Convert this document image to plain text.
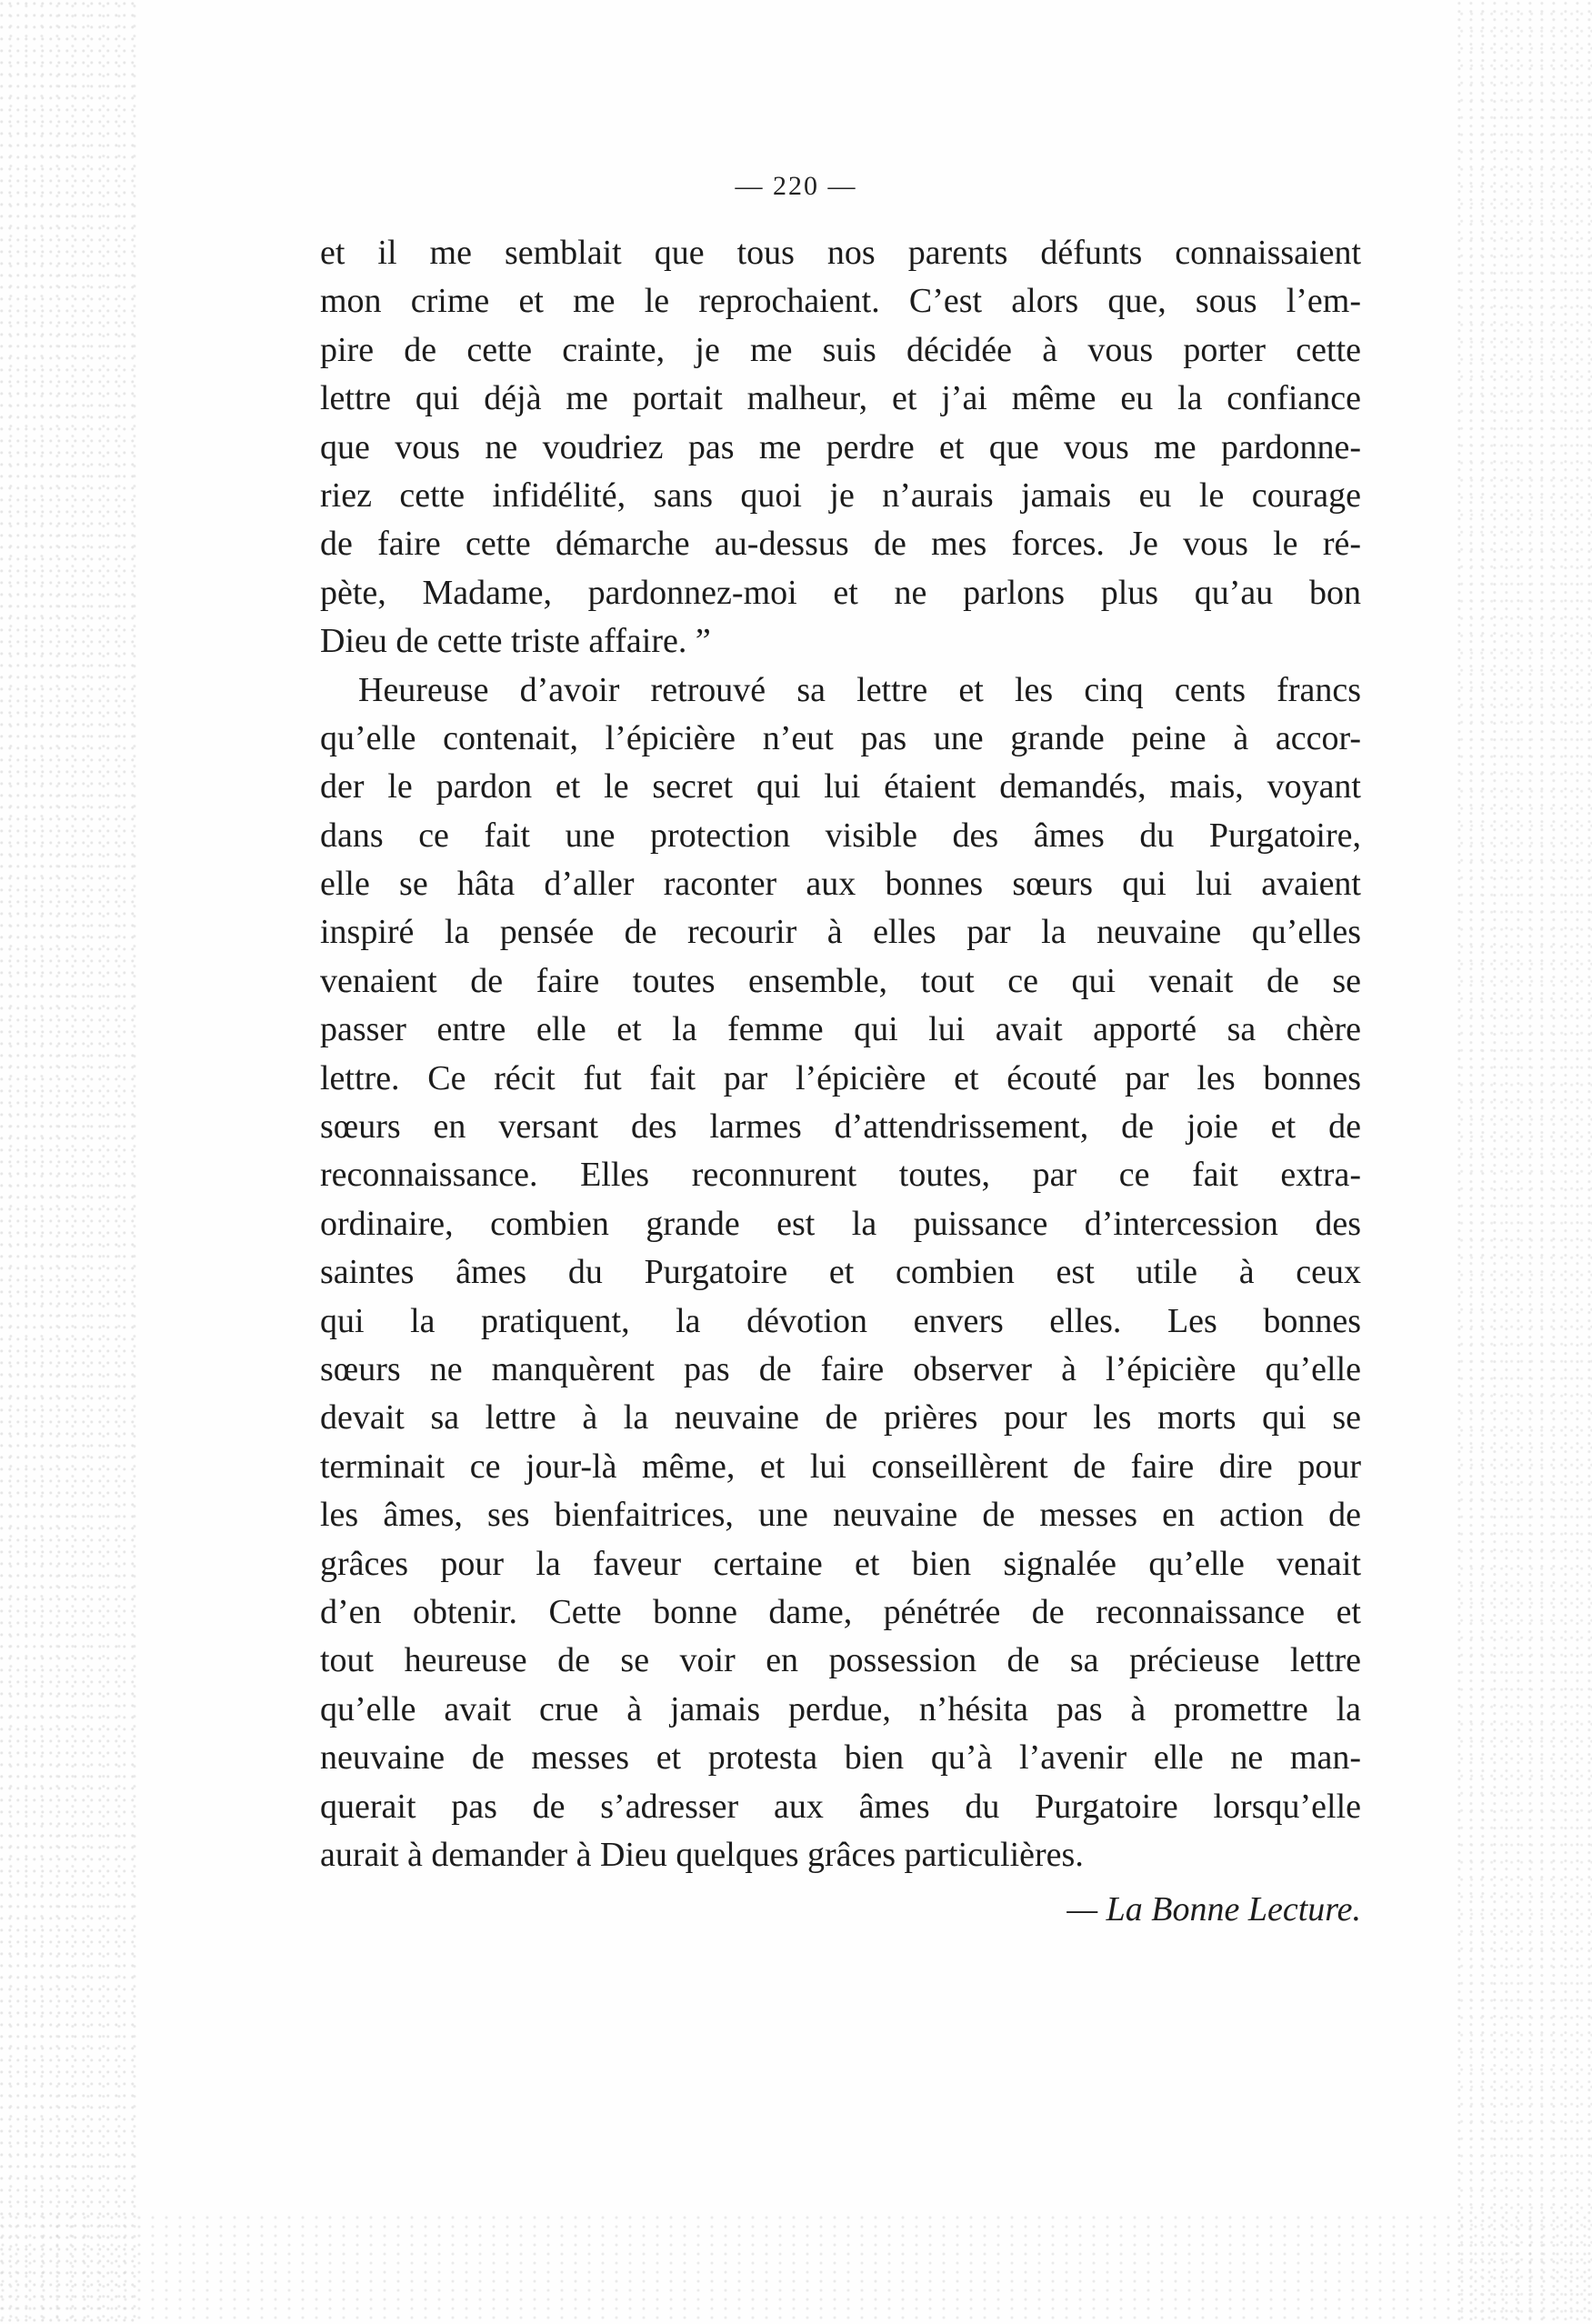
— 220 —
et il me semblait que tous nos parents défunts connaissaient
mon crime et me le reprochaient. C’est alors que, sous l’em-
pire de cette crainte, je me suis décidée à vous porter cette
lettre qui déjà me portait malheur, et j’ai même eu la confiance
que vous ne voudriez pas me perdre et que vous me pardonne-
riez cette infidélité, sans quoi je n’aurais jamais eu le courage
de faire cette démarche au-dessus de mes forces. Je vous le ré-
pète, Madame, pardonnez-moi et ne parlons plus qu’au bon
Dieu de cette triste affaire. ”
Heureuse d’avoir retrouvé sa lettre et les cinq cents francs
qu’elle contenait, l’épicière n’eut pas une grande peine à accor-
der le pardon et le secret qui lui étaient demandés, mais, voyant
dans ce fait une protection visible des âmes du Purgatoire,
elle se hâta d’aller raconter aux bonnes sœurs qui lui avaient
inspiré la pensée de recourir à elles par la neuvaine qu’elles
venaient de faire toutes ensemble, tout ce qui venait de se
passer entre elle et la femme qui lui avait apporté sa chère
lettre. Ce récit fut fait par l’épicière et écouté par les bonnes
sœurs en versant des larmes d’attendrissement, de joie et de
reconnaissance. Elles reconnurent toutes, par ce fait extra-
ordinaire, combien grande est la puissance d’intercession des
saintes âmes du Purgatoire et combien est utile à ceux
qui la pratiquent, la dévotion envers elles. Les bonnes
sœurs ne manquèrent pas de faire observer à l’épicière qu’elle
devait sa lettre à la neuvaine de prières pour les morts qui se
terminait ce jour-là même, et lui conseillèrent de faire dire pour
les âmes, ses bienfaitrices, une neuvaine de messes en action de
grâces pour la faveur certaine et bien signalée qu’elle venait
d’en obtenir. Cette bonne dame, pénétrée de reconnaissance et
tout heureuse de se voir en possession de sa précieuse lettre
qu’elle avait crue à jamais perdue, n’hésita pas à promettre la
neuvaine de messes et protesta bien qu’à l’avenir elle ne man-
querait pas de s’adresser aux âmes du Purgatoire lorsqu’elle
aurait à demander à Dieu quelques grâces particulières.
— La Bonne Lecture.
